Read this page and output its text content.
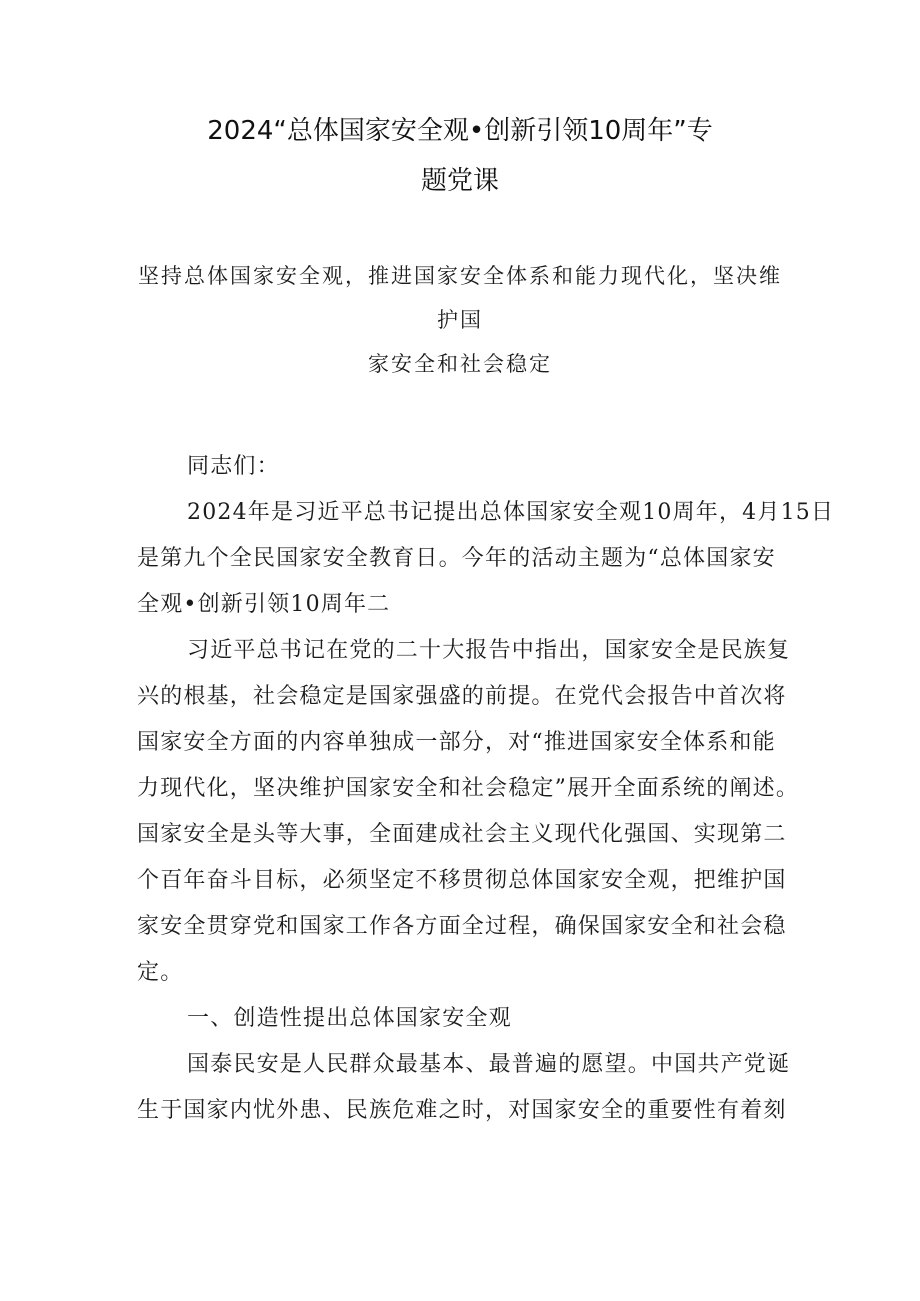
2024“总体国家安全观•创新引领10周年”专
题党课
坚持总体国家安全观，推进国家安全体系和能力现代化，坚决维
护国
家安全和社会稳定

同志们：

2024年是习近平总书记提出总体国家安全观10周年，4月15日
是第九个全民国家安全教育日。今年的活动主题为“总体国家安
全观•创新引领10周年二

习近平总书记在党的二十大报告中指出，国家安全是民族复
兴的根基，社会稳定是国家强盛的前提。在党代会报告中首次将
国家安全方面的内容单独成一部分，对“推进国家安全体系和能
力现代化，坚决维护国家安全和社会稳定”展开全面系统的阐述。
国家安全是头等大事，全面建成社会主义现代化强国、实现第二
个百年奋斗目标，必须坚定不移贯彻总体国家安全观，把维护国
家安全贯穿党和国家工作各方面全过程，确保国家安全和社会稳
定。

一、创造性提出总体国家安全观

国泰民安是人民群众最基本、最普遍的愿望。中国共产党诞
生于国家内忧外患、民族危难之时，对国家安全的重要性有着刻
